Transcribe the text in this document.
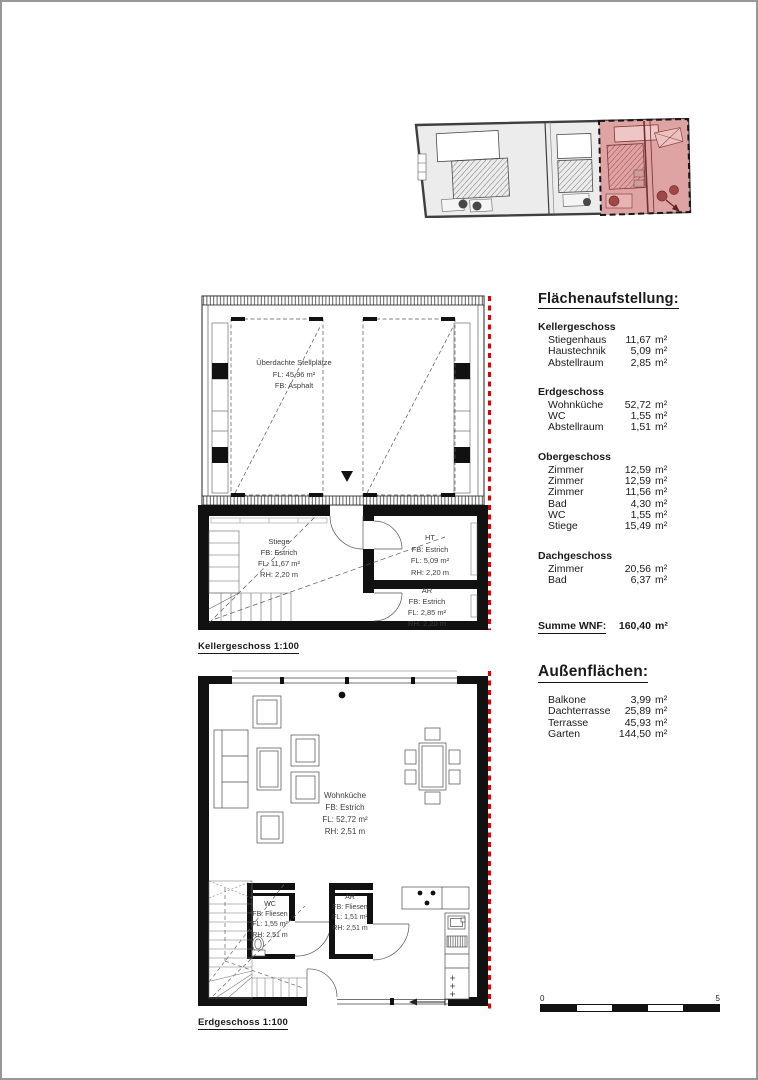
Überdachte Stellplätze
FL: 45,96 m²
FB: Asphalt
Stiege
FB: Estrich
FL: 11,67 m²
RH: 2,20 m
HT
FB: Estrich
FL: 5,09 m²
RH: 2,20 m
AR
FB: Estrich
FL: 2,85 m²
RH: 2,20 m
Kellergeschoss 1:100
Wohnküche
FB: Estrich
FL: 52,72 m²
RH: 2,51 m
WC
FB: Fliesen
FL: 1,55 m²
RH: 2,51 m
AR
FB: Fliesen
FL: 1,51 m²
RH: 2,51 m
Erdgeschoss 1:100
Flächenaufstellung:
Kellergeschoss
Stiegenhaus 11,67 m²
Haustechnik 5,09 m²
Abstellraum	2,85 m²
Erdgeschoss
Wohnküche 52,72 m²
WC	1,55 m²
Abstellraum	1,51 m²
Obergeschoss
Zimmer	12,59 m²
Zimmer	12,59 m²
Zimmer	11,56 m²
Bad	4,30 m²
WC	1,55 m²
Stiege	15,49 m²
Dachgeschoss
Zimmer	20,56 m²
Bad	6,37 m²
Summe WNF: 160,40 m²
Außenflächen:
Balkone	3,99 m²
Dachterrasse 25,89 m²
Terrasse	45,93 m²
Garten	144,50 m²
0	5
